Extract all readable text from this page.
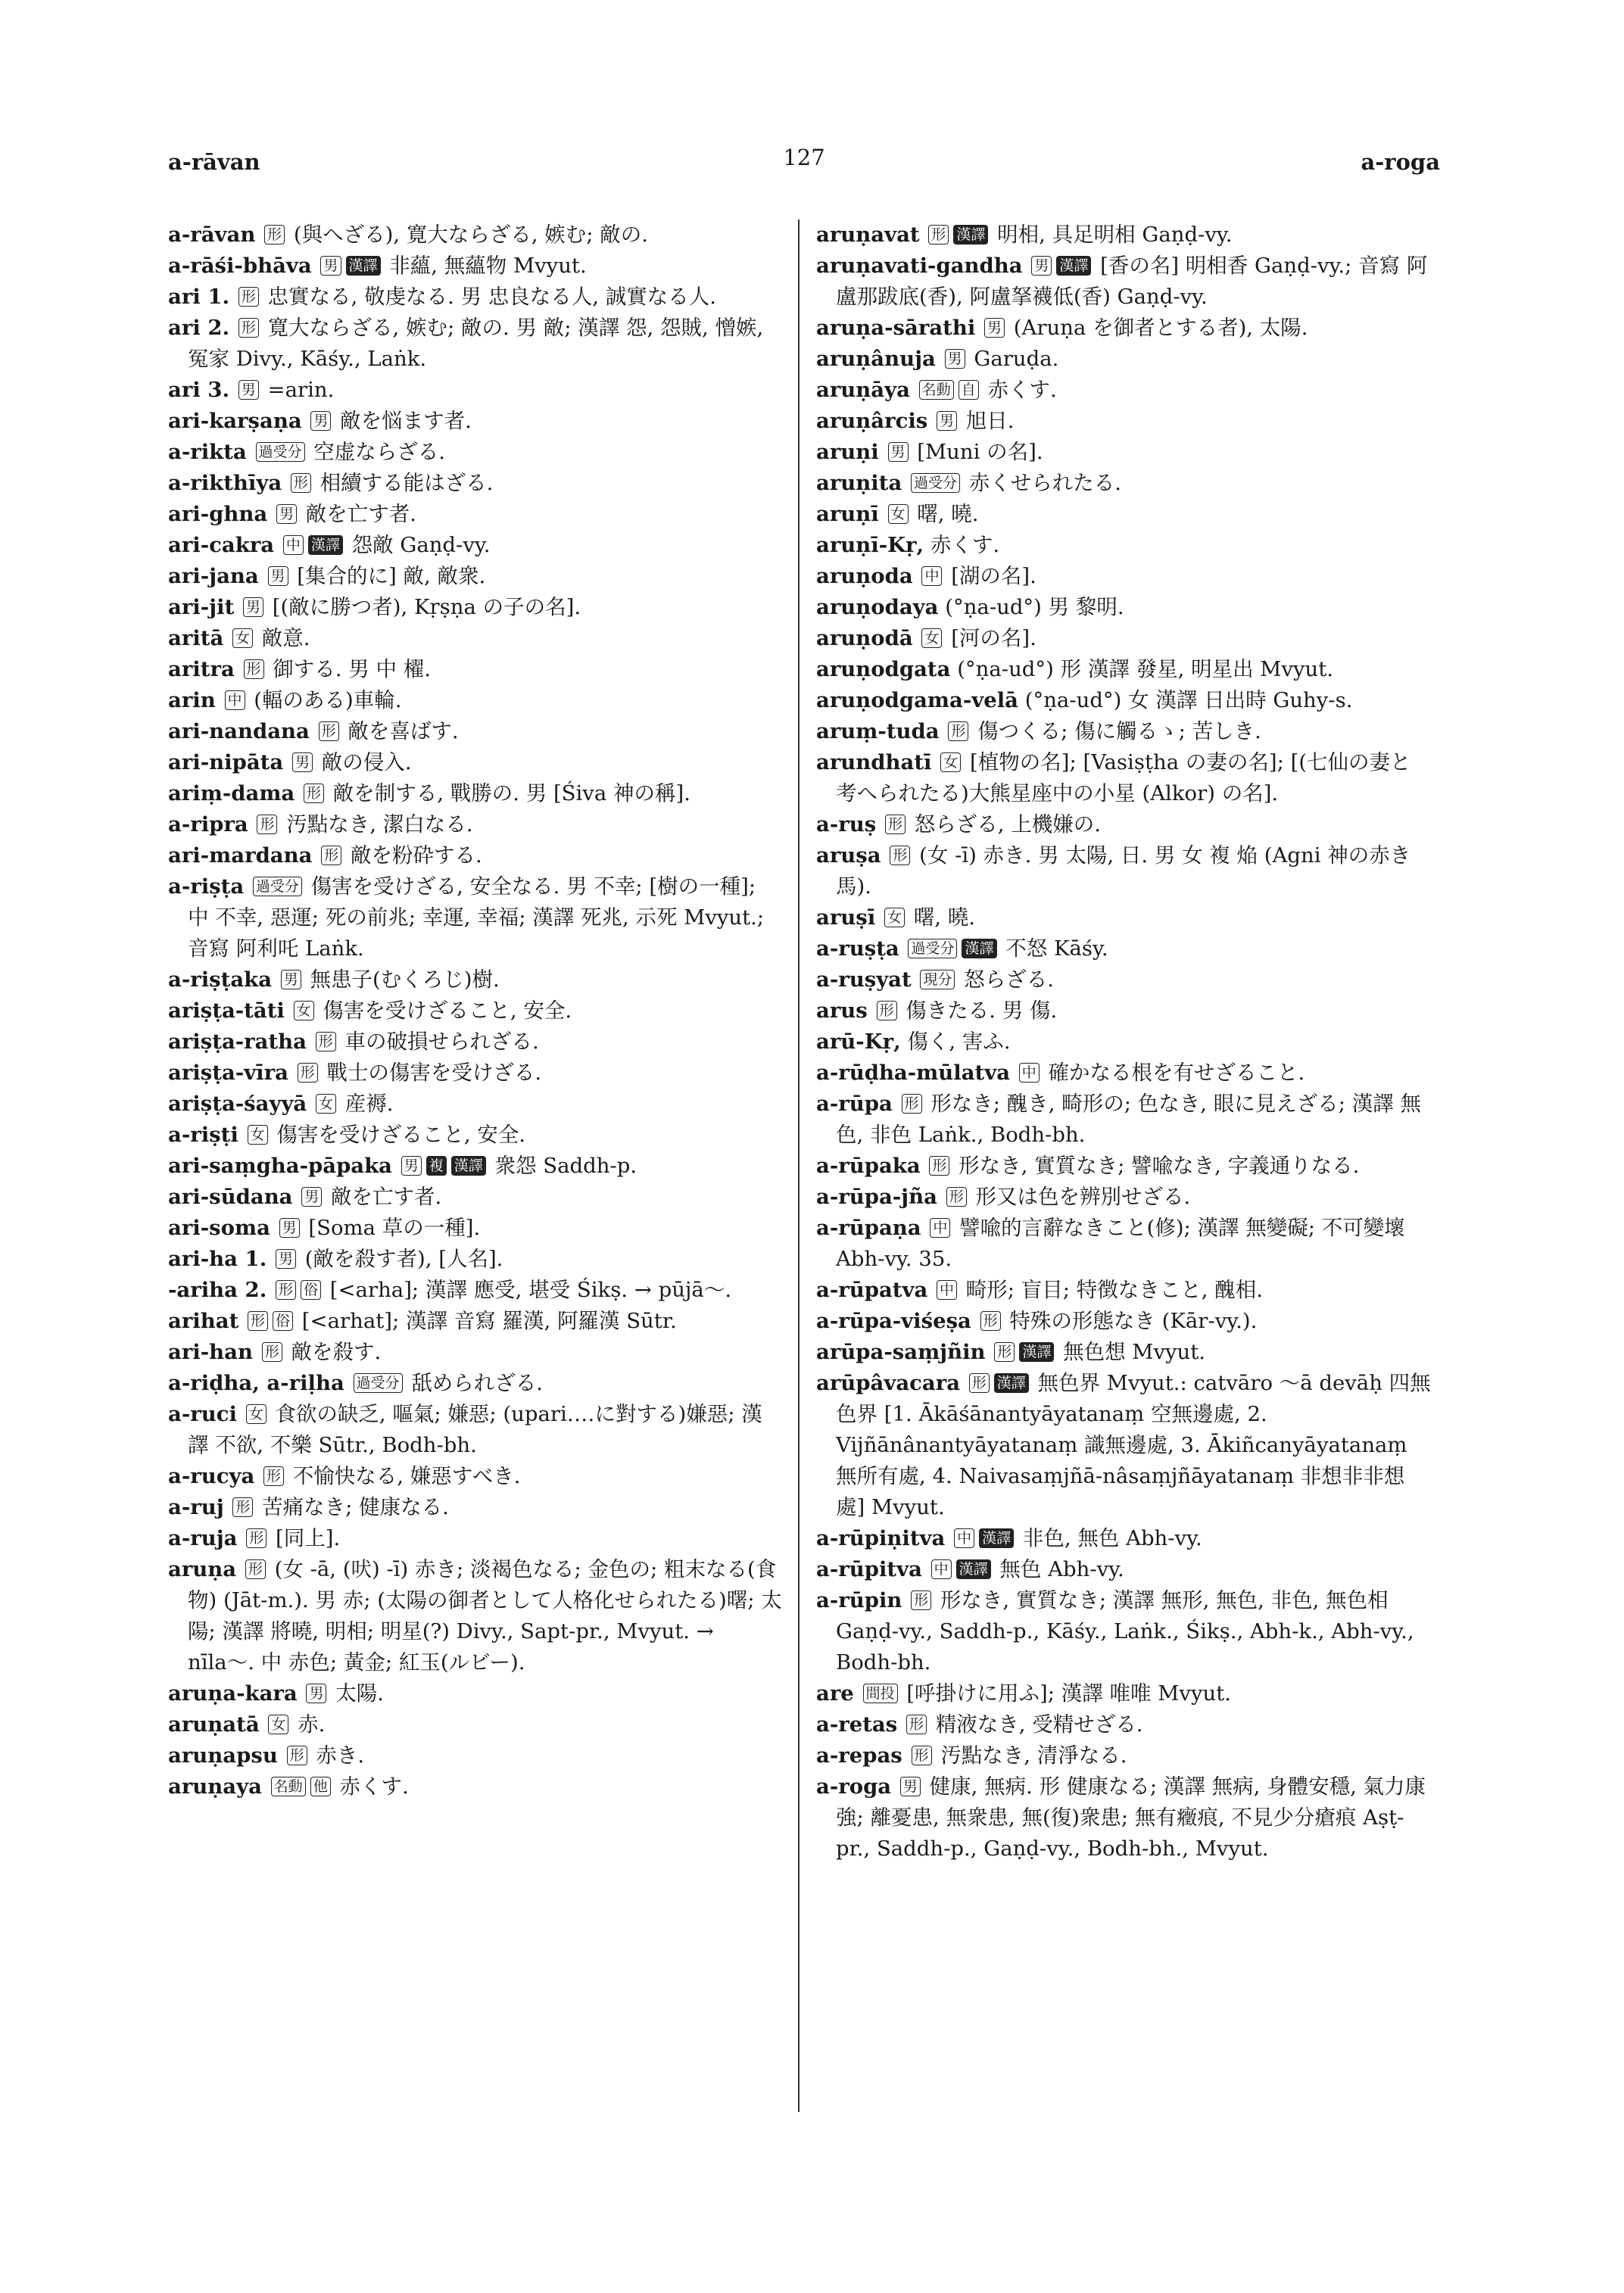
a-rāvan	127	a-roga

a-rāvan 形 (與へざる), 寛大ならざる, 嫉む; 敵の.

a-rāśi-bhāva 男 漢譯 非蘊, 無蘊物 Mvyut.

ari 1. 形 忠實なる, 敬虔なる. 男 忠良なる人, 誠實なる人.

ari 2. 形 寛大ならざる, 嫉む; 敵の. 男 敵; 漢譯 怨, 怨賊, 憎嫉, 冤家 Divy., Kāśy., Laṅk.

ari 3. 男 =arin.

ari-karṣaṇa 男 敵を悩ます者.

a-rikta 過受分 空虚ならざる.

a-rikthīya 形 相續する能はざる.

ari-ghna 男 敵を亡す者.

ari-cakra 中 漢譯 怨敵 Gaṇḍ-vy.

ari-jana 男 [集合的に] 敵, 敵衆.

ari-jit 男 [(敵に勝つ者), Kṛṣṇa の子の名].

aritā 女 敵意.

aritra 形 御する. 男 中 櫂.

arin 中 (輻のある)車輪.

ari-nandana 形 敵を喜ばす.

ari-nipāta 男 敵の侵入.

ariṃ-dama 形 敵を制する, 戰勝の. 男 [Śiva 神の稱].

a-ripra 形 汚點なき, 潔白なる.

ari-mardana 形 敵を粉砕する.

a-riṣṭa 過受分 傷害を受けざる, 安全なる. 男 不幸; [樹の一種]; 中 不幸, 惡運; 死の前兆; 幸運, 幸福; 漢譯 死兆, 示死 Mvyut.; 音寫 阿利吒 Laṅk.

a-riṣṭaka 男 無患子(むくろじ)樹.

ariṣṭa-tāti 女 傷害を受けざること, 安全.

ariṣṭa-ratha 形 車の破損せられざる.

ariṣṭa-vīra 形 戰士の傷害を受けざる.

ariṣṭa-śayyā 女 産褥.

a-riṣṭi 女 傷害を受けざること, 安全.

ari-saṃgha-pāpaka 男 複 漢譯 衆怨 Saddh-p.

ari-sūdana 男 敵を亡す者.

ari-soma 男 [Soma 草の一種].

ari-ha 1. 男 (敵を殺す者), [人名].

-ariha 2. 形 俗 [<arha]; 漢譯 應受, 堪受 Śikṣ. → pūjā〜.

arihat 形 俗 [<arhat]; 漢譯 音寫 羅漢, 阿羅漢 Sūtr.

ari-han 形 敵を殺す.

a-riḍha, a-riḷha 過受分 舐められざる.

a-ruci 女 食欲の缺乏, 嘔氣; 嫌惡; (upari‥‥に對する)嫌惡; 漢譯 不欲, 不樂 Sūtr., Bodh-bh.

a-rucya 形 不愉快なる, 嫌惡すべき.

a-ruj 形 苦痛なき; 健康なる.

a-ruja 形 [同上].

aruṇa 形 (女 -ā, (吠) -ī) 赤き; 淡褐色なる; 金色の; 粗末なる(食物) (Jāt-m.). 男 赤; (太陽の御者として人格化せられたる)曙; 太陽; 漢譯 將曉, 明相; 明星(?) Divy., Sapt-pr., Mvyut. → nīla〜. 中 赤色; 黃金; 紅玉(ルビー).

aruṇa-kara 男 太陽.

aruṇatā 女 赤.

aruṇapsu 形 赤き.

aruṇaya 名動 他 赤くす.

aruṇavat 形 漢譯 明相, 具足明相 Gaṇḍ-vy.

aruṇavati-gandha 男 漢譯 [香の名] 明相香 Gaṇḍ-vy.; 音寫 阿盧那跋底(香), 阿盧拏襪低(香) Gaṇḍ-vy.

aruṇa-sārathi 男 (Aruṇa を御者とする者), 太陽.

aruṇânuja 男 Garuḍa.

aruṇāya 名動 自 赤くす.

aruṇârcis 男 旭日.

aruṇi 男 [Muni の名].

aruṇita 過受分 赤くせられたる.

aruṇī 女 曙, 曉.

aruṇī-Kṛ, 赤くす.

aruṇoda 中 [湖の名].

aruṇodaya (°ṇa-ud°) 男 黎明.

aruṇodā 女 [河の名].

aruṇodgata (°ṇa-ud°) 形 漢譯 發星, 明星出 Mvyut.

aruṇodgama-velā (°ṇa-ud°) 女 漢譯 日出時 Guhy-s.

aruṃ-tuda 形 傷つくる; 傷に觸るゝ; 苦しき.

arundhatī 女 [植物の名]; [Vasiṣṭha の妻の名]; [(七仙の妻と考へられたる)大熊星座中の小星 (Alkor) の名].

a-ruṣ 形 怒らざる, 上機嫌の.

aruṣa 形 (女 -ī) 赤き. 男 太陽, 日. 男 女 複 焔 (Agni 神の赤き馬).

aruṣī 女 曙, 曉.

a-ruṣṭa 過受分 漢譯 不怒 Kāśy.

a-ruṣyat 現分 怒らざる.

arus 形 傷きたる. 男 傷.

arū-Kṛ, 傷く, 害ふ.

a-rūḍha-mūlatva 中 確かなる根を有せざること.

a-rūpa 形 形なき; 醜き, 畸形の; 色なき, 眼に見えざる; 漢譯 無色, 非色 Laṅk., Bodh-bh.

a-rūpaka 形 形なき, 實質なき; 譬喩なき, 字義通りなる.

a-rūpa-jña 形 形又は色を辨別せざる.

a-rūpaṇa 中 譬喩的言辭なきこと(修); 漢譯 無變礙; 不可變壞 Abh-vy. 35.

a-rūpatva 中 畸形; 盲目; 特徴なきこと, 醜相.

a-rūpa-viśeṣa 形 特殊の形態なき (Kār-vy.).

arūpa-saṃjñin 形 漢譯 無色想 Mvyut.

arūpâvacara 形 漢譯 無色界 Mvyut.: catvāro 〜ā devāḥ 四無色界 [1. Ākāśānantyāyatanaṃ 空無邊處, 2. Vijñānânantyāyatanaṃ 識無邊處, 3. Ākiñcanyāyatanaṃ 無所有處, 4. Naivasaṃjñā-nâsaṃjñāyatanaṃ 非想非非想處] Mvyut.

a-rūpiṇitva 中 漢譯 非色, 無色 Abh-vy.

a-rūpitva 中 漢譯 無色 Abh-vy.

a-rūpin 形 形なき, 實質なき; 漢譯 無形, 無色, 非色, 無色相 Gaṇḍ-vy., Saddh-p., Kāśy., Laṅk., Śikṣ., Abh-k., Abh-vy., Bodh-bh.

are 間投 [呼掛けに用ふ]; 漢譯 唯唯 Mvyut.

a-retas 形 精液なき, 受精せざる.

a-repas 形 汚點なき, 清淨なる.

a-roga 男 健康, 無病. 形 健康なる; 漢譯 無病, 身體安穩, 氣力康強; 離憂患, 無衆患, 無(復)衆患; 無有癥痕, 不見少分瘡痕 Aṣṭ-pr., Saddh-p., Gaṇḍ-vy., Bodh-bh., Mvyut.
